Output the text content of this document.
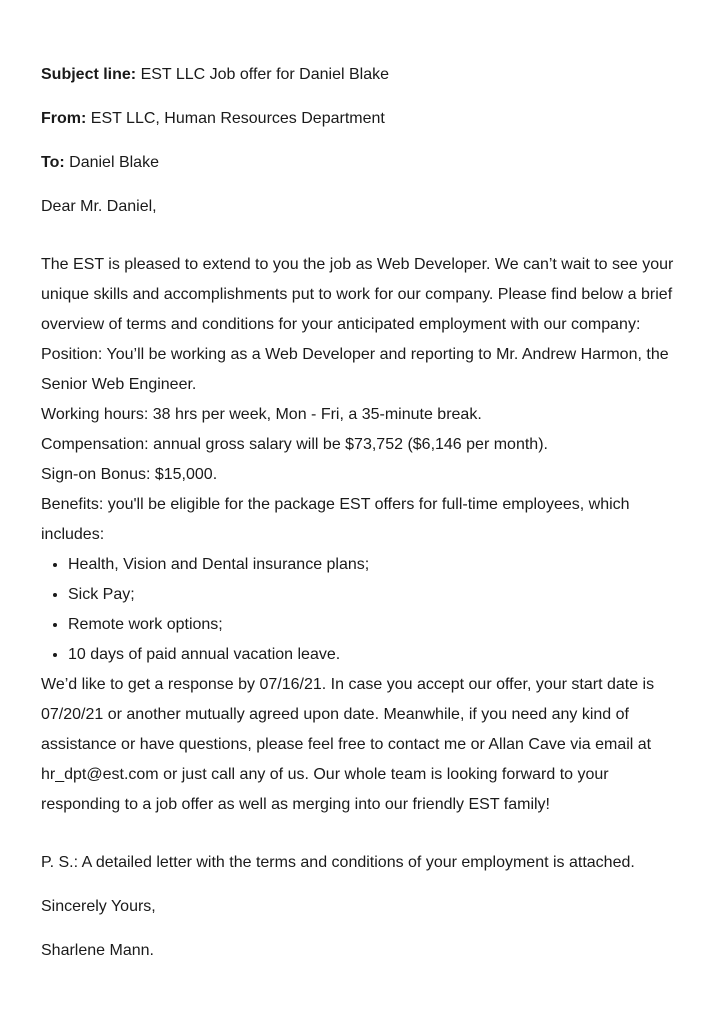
Subject line: EST LLC Job offer for Daniel Blake

From: EST LLC, Human Resources Department

To: Daniel Blake

Dear Mr. Daniel,

The EST is pleased to extend to you the job as Web Developer. We can’t wait to see your unique skills and accomplishments put to work for our company. Please find below a brief overview of terms and conditions for your anticipated employment with our company:

Position: You’ll be working as a Web Developer and reporting to Mr. Andrew Harmon, the Senior Web Engineer.

Working hours: 38 hrs per week, Mon - Fri, a 35-minute break.

Compensation: annual gross salary will be $73,752 ($6,146 per month).

Sign-on Bonus: $15,000.

Benefits: you'll be eligible for the package EST offers for full-time employees, which includes:

• Health, Vision and Dental insurance plans;
• Sick Pay;
• Remote work options;
• 10 days of paid annual vacation leave.

We’d like to get a response by 07/16/21. In case you accept our offer, your start date is 07/20/21 or another mutually agreed upon date. Meanwhile, if you need any kind of assistance or have questions, please feel free to contact me or Allan Cave via email at hr_dpt@est.com or just call any of us. Our whole team is looking forward to your responding to a job offer as well as merging into our friendly EST family!

P. S.: A detailed letter with the terms and conditions of your employment is attached.

Sincerely Yours,

Sharlene Mann.
